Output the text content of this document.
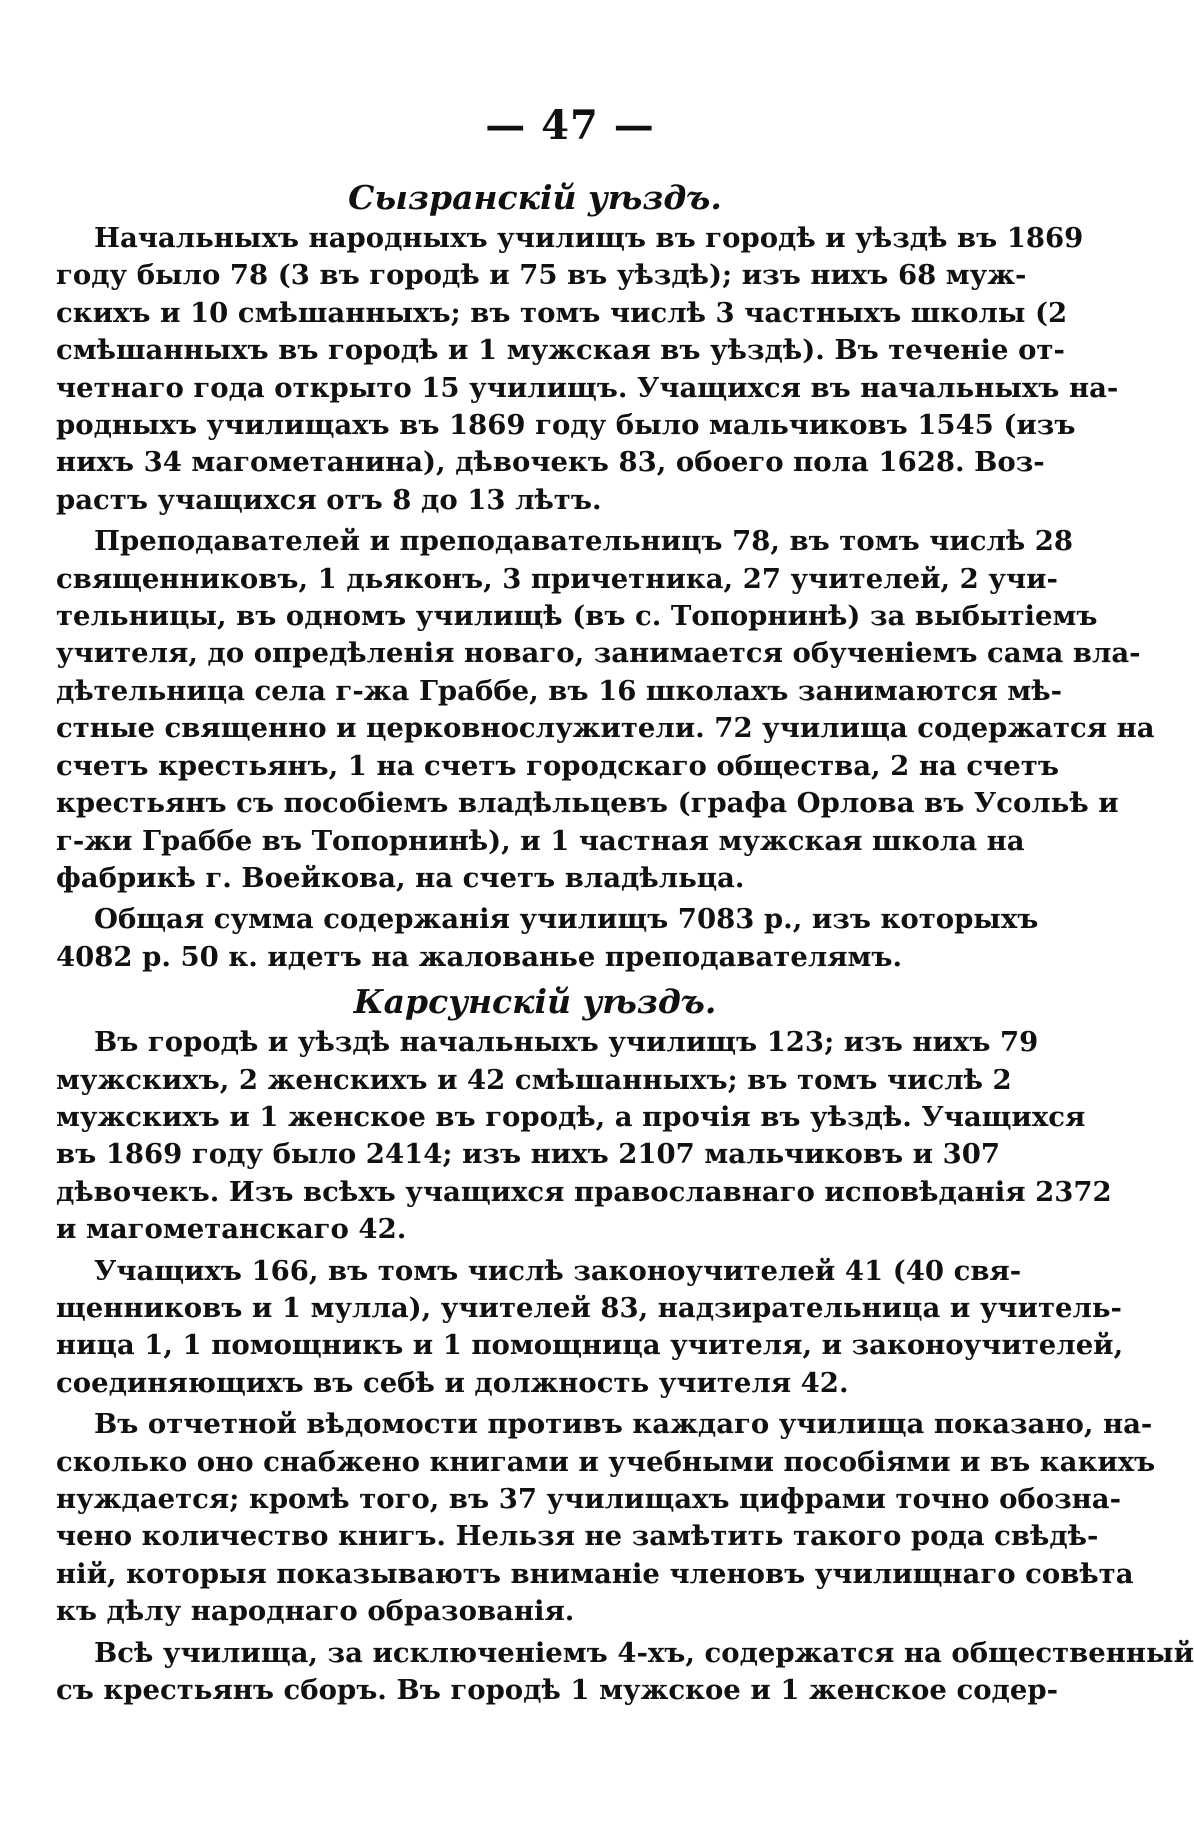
— 47 —
Сызранскій уѣздъ.
Начальныхъ народныхъ училищъ въ городѣ и уѣздѣ въ 1869
году было 78 (3 въ городѣ и 75 въ уѣздѣ); изъ нихъ 68 муж-
скихъ и 10 смѣшанныхъ; въ томъ числѣ 3 частныхъ школы (2
смѣшанныхъ въ городѣ и 1 мужская въ уѣздѣ). Въ теченіе от-
четнаго года открыто 15 училищъ. Учащихся въ начальныхъ на-
родныхъ училищахъ въ 1869 году было мальчиковъ 1545 (изъ
нихъ 34 магометанина), дѣвочекъ 83, обоего пола 1628. Воз-
растъ учащихся отъ 8 до 13 лѣтъ.
Преподавателей и преподавательницъ 78, въ томъ числѣ 28
священниковъ, 1 дьяконъ, 3 причетника, 27 учителей, 2 учи-
тельницы, въ одномъ училищѣ (въ с. Топорнинѣ) за выбытіемъ
учителя, до опредѣленія новаго, занимается обученіемъ сама вла-
дѣтельница села г-жа Граббе, въ 16 школахъ занимаются мѣ-
стные священно и церковнослужители. 72 училища содержатся на
счетъ крестьянъ, 1 на счетъ городскаго общества, 2 на счетъ
крестьянъ съ пособіемъ владѣльцевъ (графа Орлова въ Усольѣ и
г-жи Граббе въ Топорнинѣ), и 1 частная мужская школа на
фабрикѣ г. Воейкова, на счетъ владѣльца.
Общая сумма содержанія училищъ 7083 р., изъ которыхъ
4082 р. 50 к. идетъ на жалованье преподавателямъ.
Карсунскій уѣздъ.
Въ городѣ и уѣздѣ начальныхъ училищъ 123; изъ нихъ 79
мужскихъ, 2 женскихъ и 42 смѣшанныхъ; въ томъ числѣ 2
мужскихъ и 1 женское въ городѣ, а прочія въ уѣздѣ. Учащихся
въ 1869 году было 2414; изъ нихъ 2107 мальчиковъ и 307
дѣвочекъ. Изъ всѣхъ учащихся православнаго исповѣданія 2372
и магометанскаго 42.
Учащихъ 166, въ томъ числѣ законоучителей 41 (40 свя-
щенниковъ и 1 мулла), учителей 83, надзирательница и учитель-
ница 1, 1 помощникъ и 1 помощница учителя, и законоучителей,
соединяющихъ въ себѣ и должность учителя 42.
Въ отчетной вѣдомости противъ каждаго училища показано, на-
сколько оно снабжено книгами и учебными пособіями и въ какихъ
нуждается; кромѣ того, въ 37 училищахъ цифрами точно обозна-
чено количество книгъ. Нельзя не замѣтить такого рода свѣдѣ-
ній, которыя показываютъ вниманіе членовъ училищнаго совѣта
къ дѣлу народнаго образованія.
Всѣ училища, за исключеніемъ 4-хъ, содержатся на общественный
съ крестьянъ сборъ. Въ городѣ 1 мужское и 1 женское содер-
